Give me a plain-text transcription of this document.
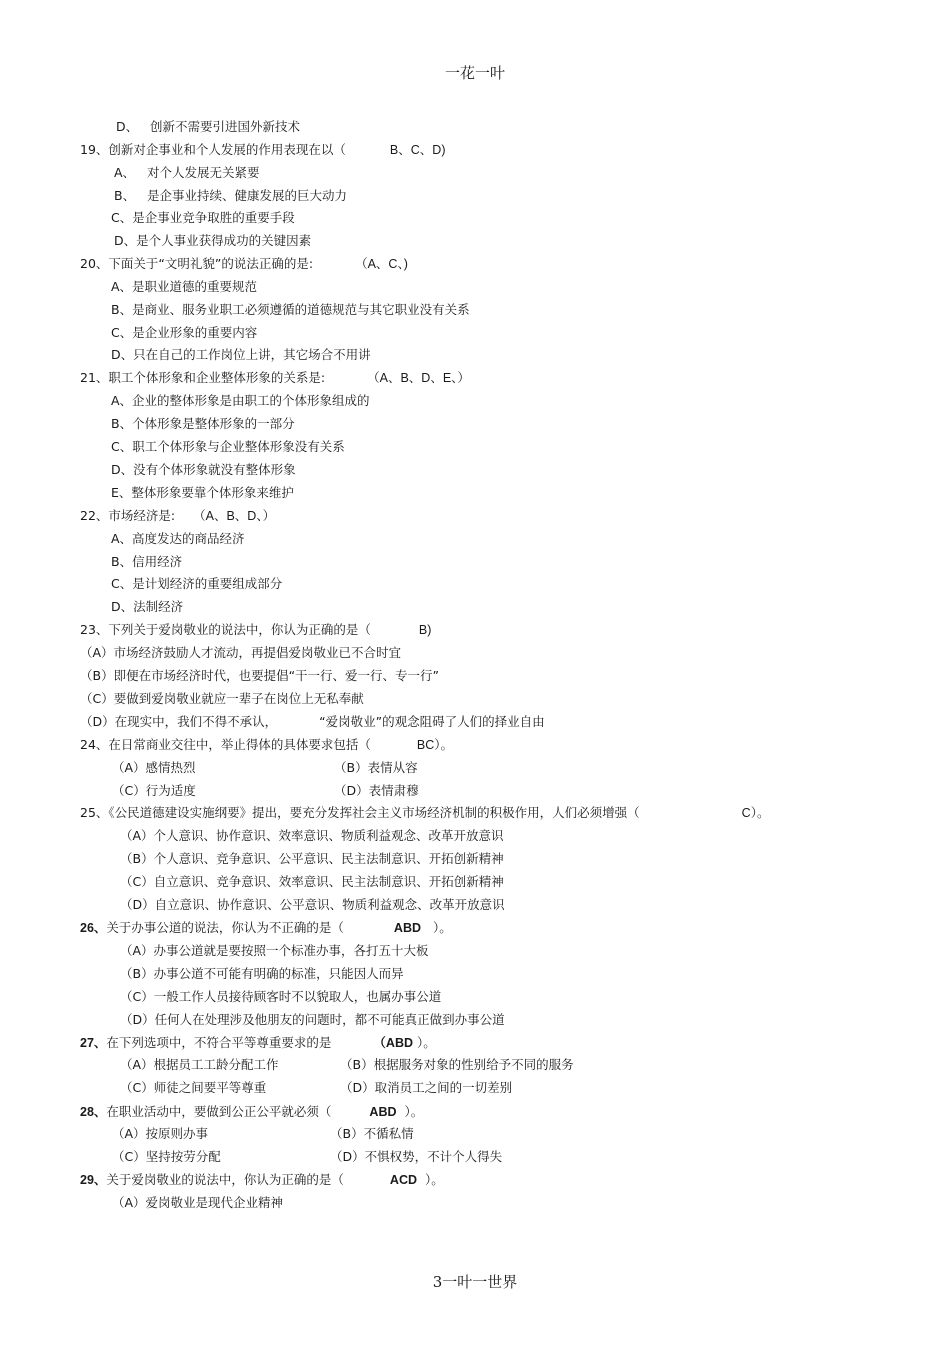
一花一叶
D、   创新不需要引进国外新技术
19、创新对企事业和个人发展的作用表现在以（	B、C、D)
A、   对个人发展无关紧要
B、   是企事业持续、健康发展的巨大动力
C、是企事业竞争取胜的重要手段
D、是个人事业获得成功的关键因素
20、下面关于“文明礼貌”的说法正确的是:	（A、C、)
A、是职业道德的重要规范
B、是商业、服务业职工必须遵循的道德规范与其它职业没有关系
C、是企业形象的重要内容
D、只在自己的工作岗位上讲，其它场合不用讲
21、职工个体形象和企业整体形象的关系是:	（A、B、D、E、）
A、企业的整体形象是由职工的个体形象组成的
B、个体形象是整体形象的一部分
C、职工个体形象与企业整体形象没有关系
D、没有个体形象就没有整体形象
E、整体形象要靠个体形象来维护
22、市场经济是: （A、B、D、）
A、高度发达的商品经济
B、信用经济
C、是计划经济的重要组成部分
D、法制经济
23、下列关于爱岗敬业的说法中，你认为正确的是（	B)
（A）市场经济鼓励人才流动，再提倡爱岗敬业已不合时宜
（B）即便在市场经济时代，也要提倡“干一行、爱一行、专一行”
（C）要做到爱岗敬业就应一辈子在岗位上无私奉献
（D）在现实中，我们不得不承认，	“爱岗敬业”的观念阻碍了人们的择业自由
24、在日常商业交往中，举止得体的具体要求包括（	BC）。
（A）感情热烈	（B）表情从容
（C）行为适度	（D）表情肃穆
25、《公民道德建设实施纲要》提出，要充分发挥社会主义市场经济机制的积极作用，人们必须增强（	C）。
（A）个人意识、协作意识、效率意识、物质利益观念、改革开放意识
（B）个人意识、竞争意识、公平意识、民主法制意识、开拓创新精神
（C）自立意识、竞争意识、效率意识、民主法制意识、开拓创新精神
（D）自立意识、协作意识、公平意识、物质利益观念、改革开放意识
26、关于办事公道的说法，你认为不正确的是（	ABD ）。
（A）办事公道就是要按照一个标准办事，各打五十大板
（B）办事公道不可能有明确的标准，只能因人而异
（C）一般工作人员接待顾客时不以貌取人，也属办事公道
（D）任何人在处理涉及他朋友的问题时，都不可能真正做到办事公道
27、在下列选项中，不符合平等尊重要求的是	（ABD ）。
（A）根据员工工龄分配工作	（B）根据服务对象的性别给予不同的服务
（C）师徒之间要平等尊重	（D）取消员工之间的一切差别
28、在职业活动中，要做到公正公平就必须（	ABD ）。
（A）按原则办事	（B）不循私情
（C）坚持按劳分配	（D）不惧权势，不计个人得失
29、关于爱岗敬业的说法中，你认为正确的是（	ACD ）。
（A）爱岗敬业是现代企业精神
3一叶一世界
